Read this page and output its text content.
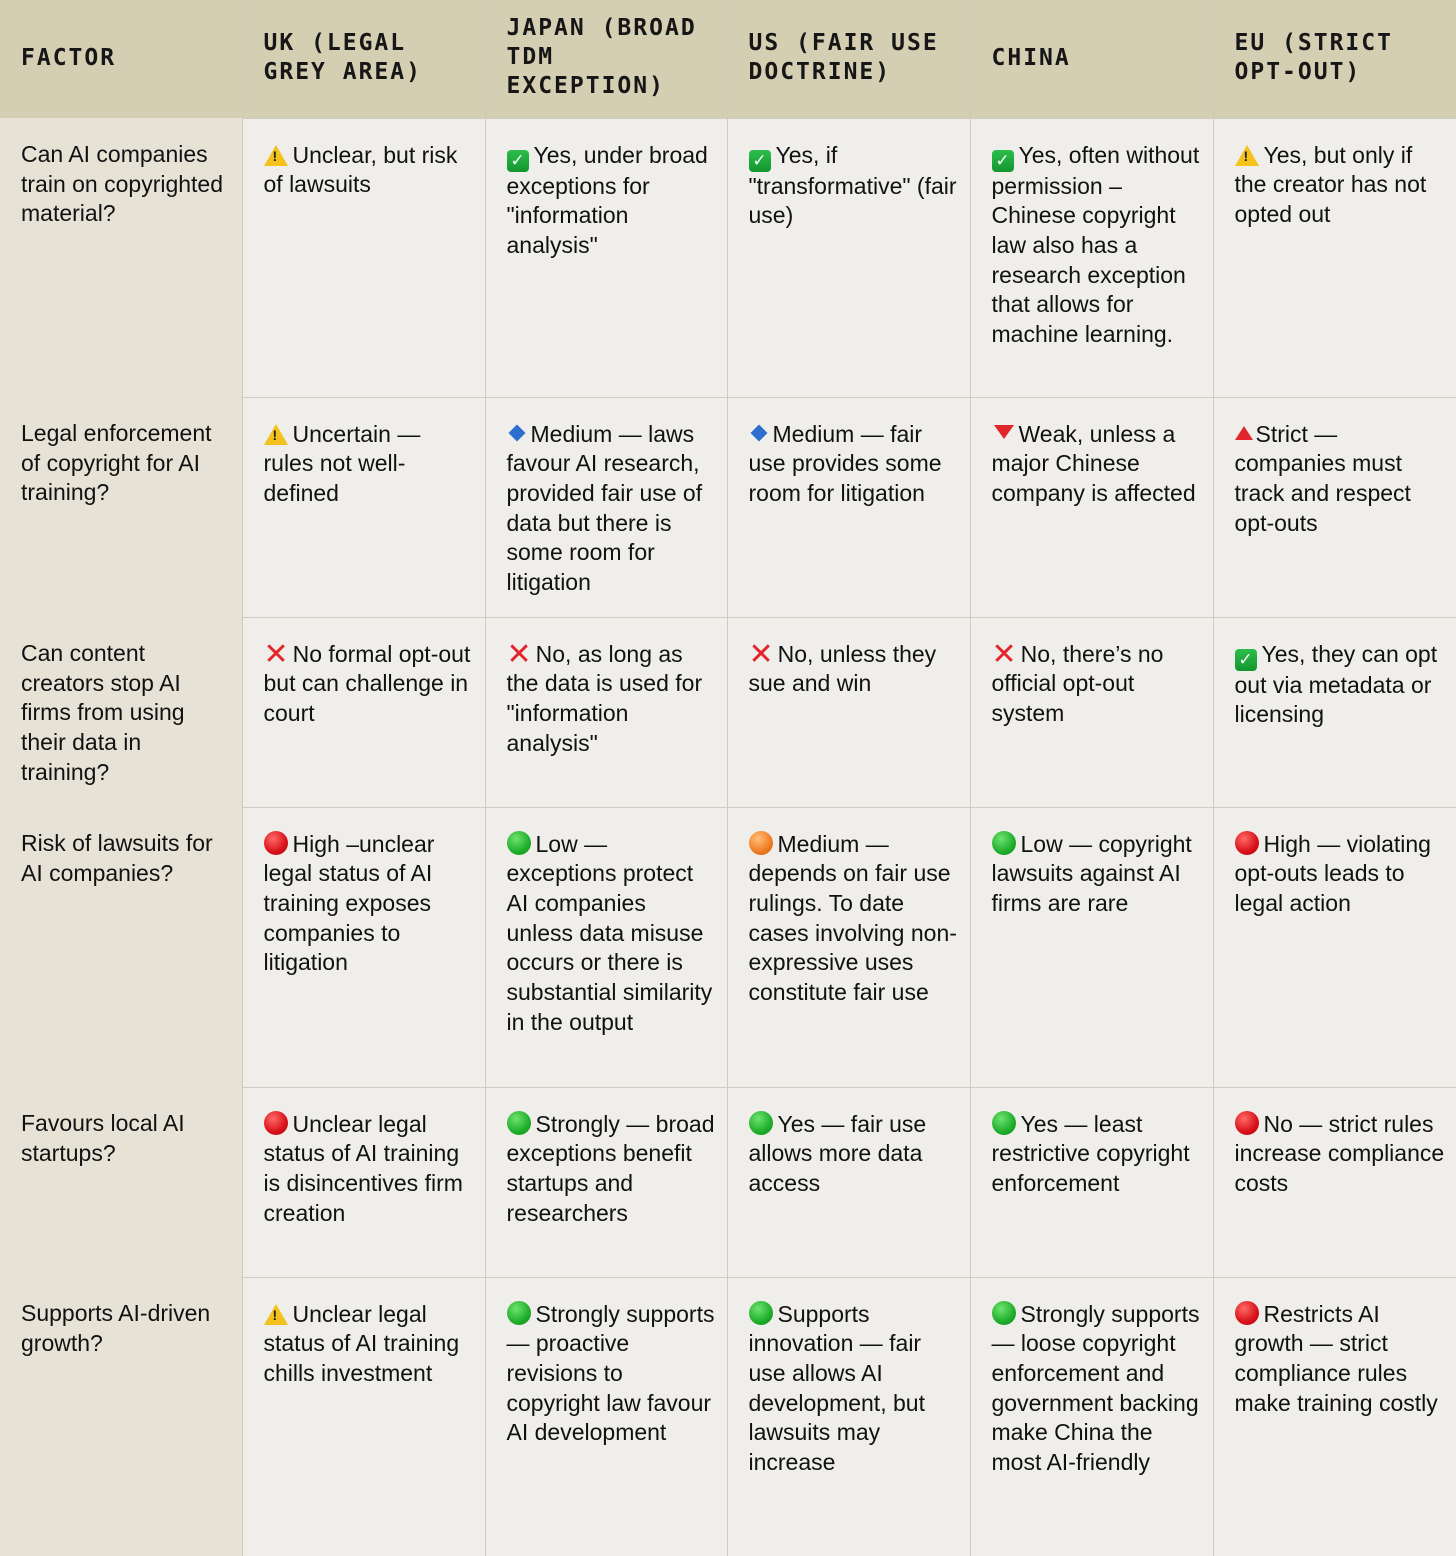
FACTOR	UK (LEGAL GREY AREA)	JAPAN (BROAD TDM EXCEPTION)	US (FAIR USE DOCTRINE)	CHINA	EU (STRICT OPT-OUT)
Can AI companies train on copyrighted material?	!Unclear, but risk of lawsuits	✓ Yes, under broad exceptions for "information analysis"	✓ Yes, if "transformative" (fair use)	✓ Yes, often without permission –Chinese copyright law also has a research exception that allows for machine learning.	!Yes, but only if the creator has not opted out
Legal enforcement of copyright for AI training?	!Uncertain — rules not well-defined	Medium — laws favour AI research, provided fair use of data but there is some room for litigation	Medium — fair use provides some room for litigation	Weak, unless a major Chinese company is affected	Strict — companies must track and respect opt-outs
Can content creators stop AI firms from using their data in training?	✕ No formal opt-out but can challenge in court	✕ No, as long as the data is used for "information analysis"	✕ No, unless they sue and win	✕ No, there’s no official opt-out system	✓ Yes, they can opt out via metadata or licensing
Risk of lawsuits for AI companies?	High –unclear legal status of AI training exposes companies to litigation	Low — exceptions protect AI companies unless data misuse occurs or there is substantial similarity in the output	Medium — depends on fair use rulings. To date cases involving non-expressive uses constitute fair use	Low — copyright lawsuits against AI firms are rare	High — violating opt-outs leads to legal action
Favours local AI startups?	Unclear legal status of AI training is disincentives firm creation	Strongly — broad exceptions benefit startups and researchers	Yes — fair use allows more data access	Yes — least restrictive copyright enforcement	No — strict rules increase compliance costs
Supports AI-driven growth?	!Unclear legal status of AI training chills investment	Strongly supports — proactive revisions to copyright law favour AI development	Supports innovation — fair use allows AI development, but lawsuits may increase	Strongly supports — loose copyright enforcement and government backing make China the most AI-friendly	Restricts AI growth — strict compliance rules make training costly
